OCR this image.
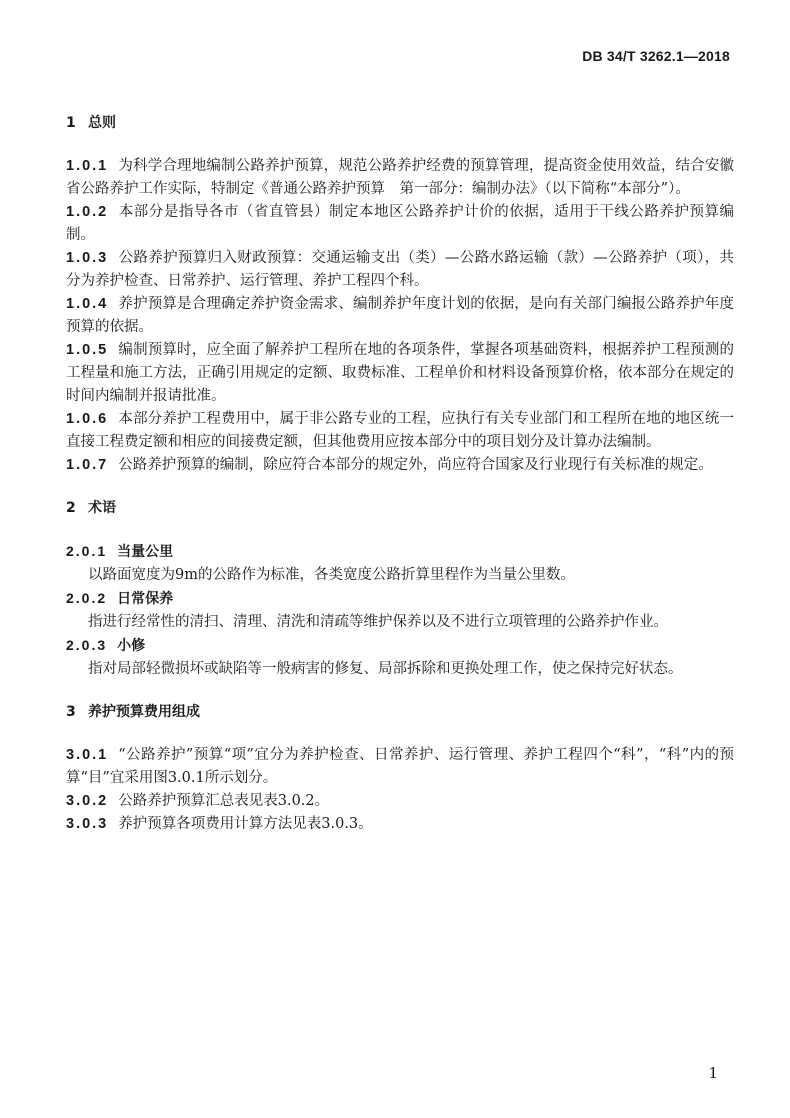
DB 34/T 3262.1—2018
1 总则

1.0.1 为科学合理地编制公路养护预算，规范公路养护经费的预算管理，提高资金使用效益，结合安徽省公路养护工作实际，特制定《普通公路养护预算　第一部分：编制办法》（以下简称“本部分”）。

1.0.2 本部分是指导各市（省直管县）制定本地区公路养护计价的依据，适用于干线公路养护预算编制。

1.0.3 公路养护预算归入财政预算：交通运输支出（类）—公路水路运输（款）—公路养护（项），共分为养护检查、日常养护、运行管理、养护工程四个科。

1.0.4 养护预算是合理确定养护资金需求、编制养护年度计划的依据，是向有关部门编报公路养护年度预算的依据。

1.0.5 编制预算时，应全面了解养护工程所在地的各项条件，掌握各项基础资料，根据养护工程预测的工程量和施工方法，正确引用规定的定额、取费标准、工程单价和材料设备预算价格，依本部分在规定的时间内编制并报请批准。

1.0.6 本部分养护工程费用中，属于非公路专业的工程，应执行有关专业部门和工程所在地的地区统一直接工程费定额和相应的间接费定额，但其他费用应按本部分中的项目划分及计算办法编制。

1.0.7 公路养护预算的编制，除应符合本部分的规定外，尚应符合国家及行业现行有关标准的规定。

2 术语
2.0.1 当量公里

以路面宽度为9m的公路作为标准，各类宽度公路折算里程作为当量公里数。

2.0.2 日常保养

指进行经常性的清扫、清理、清洗和清疏等维护保养以及不进行立项管理的公路养护作业。

2.0.3 小修

指对局部轻微损坏或缺陷等一般病害的修复、局部拆除和更换处理工作，使之保持完好状态。

3 养护预算费用组成

3.0.1 “公路养护”预算“项”宜分为养护检查、日常养护、运行管理、养护工程四个“科”，“科”内的预算“目”宜采用图3.0.1所示划分。

3.0.2 公路养护预算汇总表见表3.0.2。

3.0.3 养护预算各项费用计算方法见表3.0.3。

1
